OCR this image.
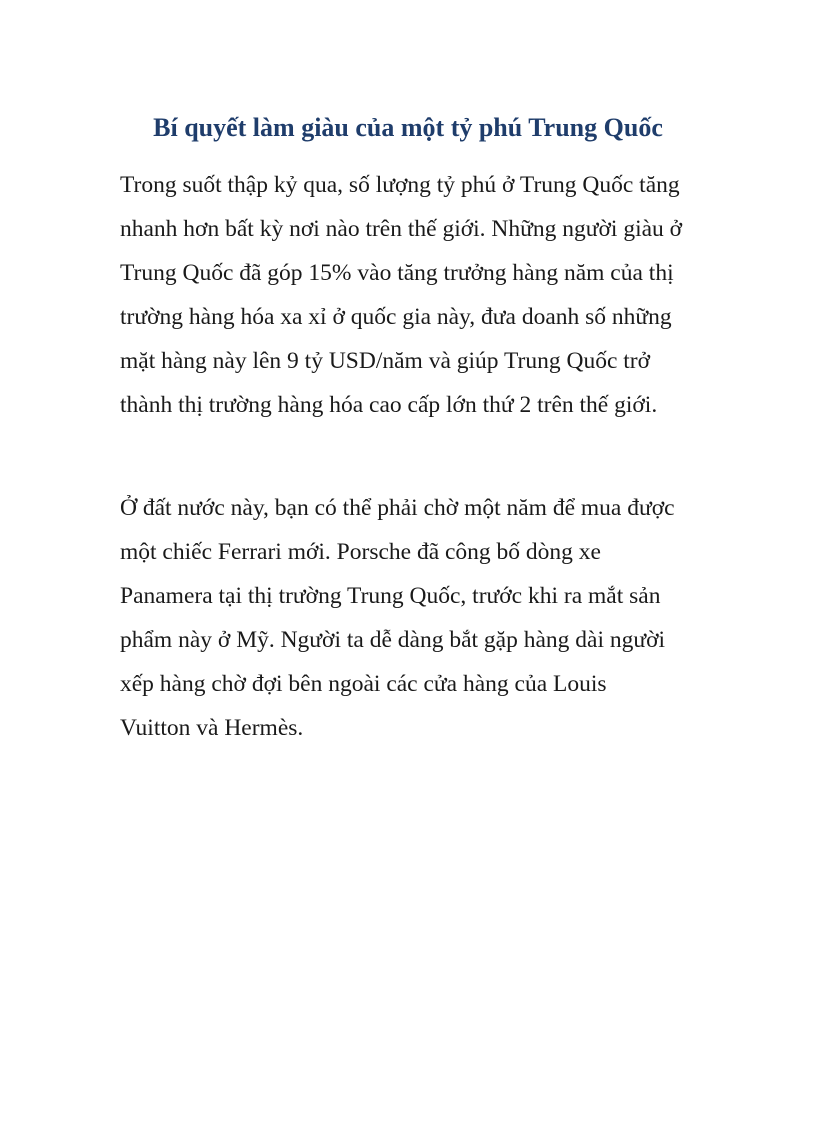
Bí quyết làm giàu của một tỷ phú Trung Quốc

Trong suốt thập kỷ qua, số lượng tỷ phú ở Trung Quốc tăng
nhanh hơn bất kỳ nơi nào trên thế giới. Những người giàu ở
Trung Quốc đã góp 15% vào tăng trưởng hàng năm của thị
trường hàng hóa xa xỉ ở quốc gia này, đưa doanh số những
mặt hàng này lên 9 tỷ USD/năm và giúp Trung Quốc trở
thành thị trường hàng hóa cao cấp lớn thứ 2 trên thế giới.

Ở đất nước này, bạn có thể phải chờ một năm để mua được
một chiếc Ferrari mới. Porsche đã công bố dòng xe
Panamera tại thị trường Trung Quốc, trước khi ra mắt sản
phẩm này ở Mỹ. Người ta dễ dàng bắt gặp hàng dài người
xếp hàng chờ đợi bên ngoài các cửa hàng của Louis
Vuitton và Hermès.
